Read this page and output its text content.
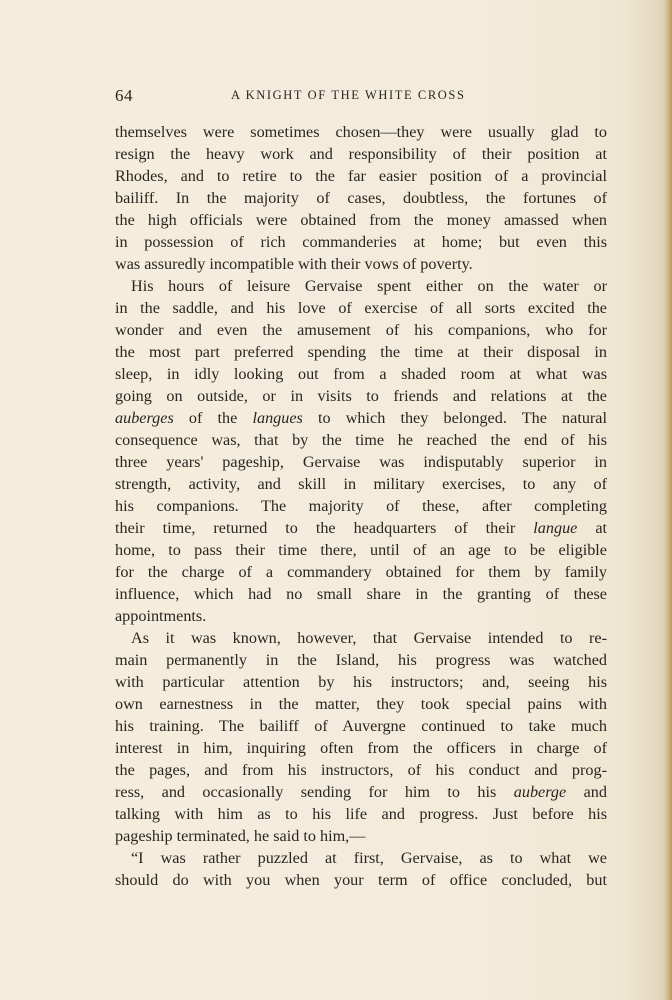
64	A KNIGHT OF THE WHITE CROSS
themselves were sometimes chosen—they were usually glad to
resign the heavy work and responsibility of their position at
Rhodes, and to retire to the far easier position of a provincial
bailiff. In the majority of cases, doubtless, the fortunes of
the high officials were obtained from the money amassed when
in possession of rich commanderies at home; but even this
was assuredly incompatible with their vows of poverty.
His hours of leisure Gervaise spent either on the water or
in the saddle, and his love of exercise of all sorts excited the
wonder and even the amusement of his companions, who for
the most part preferred spending the time at their disposal in
sleep, in idly looking out from a shaded room at what was
going on outside, or in visits to friends and relations at the
auberges of the langues to which they belonged. The natural
consequence was, that by the time he reached the end of his
three years' pageship, Gervaise was indisputably superior in
strength, activity, and skill in military exercises, to any of
his companions. The majority of these, after completing
their time, returned to the headquarters of their langue at
home, to pass their time there, until of an age to be eligible
for the charge of a commandery obtained for them by family
influence, which had no small share in the granting of these
appointments.
As it was known, however, that Gervaise intended to re-
main permanently in the Island, his progress was watched
with particular attention by his instructors; and, seeing his
own earnestness in the matter, they took special pains with
his training. The bailiff of Auvergne continued to take much
interest in him, inquiring often from the officers in charge of
the pages, and from his instructors, of his conduct and prog-
ress, and occasionally sending for him to his auberge and
talking with him as to his life and progress. Just before his
pageship terminated, he said to him,—
“I was rather puzzled at first, Gervaise, as to what we
should do with you when your term of office concluded, but
